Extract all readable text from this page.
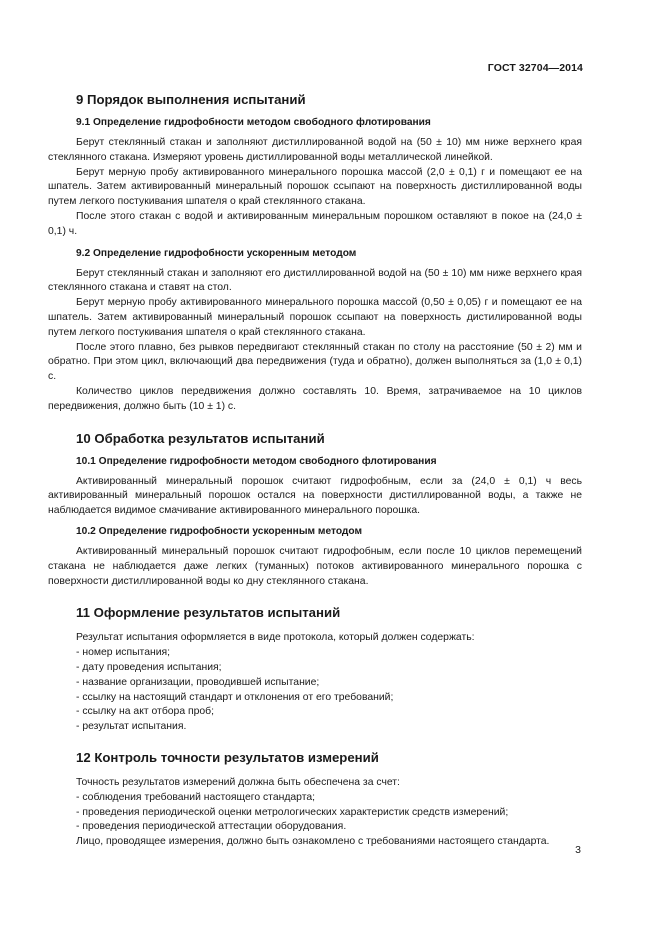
ГОСТ 32704—2014
9 Порядок выполнения испытаний
9.1 Определение гидрофобности методом свободного флотирования

Берут стеклянный стакан и заполняют дистиллированной водой на (50 ± 10) мм ниже верхнего края стеклянного стакана. Измеряют уровень дистиллированной воды металлической линейкой.

Берут мерную пробу активированного минерального порошка массой (2,0 ± 0,1) г и помещают ее на шпатель. Затем активированный минеральный порошок ссыпают на поверхность дистиллированной воды путем легкого постукивания шпателя о край стеклянного стакана.

После этого стакан с водой и активированным минеральным порошком оставляют в покое на (24,0 ± 0,1) ч.

9.2 Определение гидрофобности ускоренным методом

Берут стеклянный стакан и заполняют его дистиллированной водой на (50 ± 10) мм ниже верхнего края стеклянного стакана и ставят на стол.

Берут мерную пробу активированного минерального порошка массой (0,50 ± 0,05) г и помещают ее на шпатель. Затем активированный минеральный порошок ссыпают на поверхность дистилированной воды путем легкого постукивания шпателя о край стеклянного стакана.

После этого плавно, без рывков передвигают стеклянный стакан по столу на расстояние (50 ± 2) мм и обратно. При этом цикл, включающий два передвижения (туда и обратно), должен выполняться за (1,0 ± 0,1) с.

Количество циклов передвижения должно составлять 10. Время, затрачиваемое на 10 циклов передвижения, должно быть (10 ± 1) с.

10 Обработка результатов испытаний
10.1 Определение гидрофобности методом свободного флотирования

Активированный минеральный порошок считают гидрофобным, если за (24,0 ± 0,1) ч весь активированный минеральный порошок остался на поверхности дистиллированной воды, а также не наблюдается видимое смачивание активированного минерального порошка.

10.2 Определение гидрофобности ускоренным методом

Активированный минеральный порошок считают гидрофобным, если после 10 циклов перемещений стакана не наблюдается даже легких (туманных) потоков активированного минерального порошка с поверхности дистиллированной воды ко дну стеклянного стакана.

11 Оформление результатов испытаний

Результат испытания оформляется в виде протокола, который должен содержать:

- номер испытания;
- дату проведения испытания;
- название организации, проводившей испытание;
- ссылку на настоящий стандарт и отклонения от его требований;
- ссылку на акт отбора проб;
- результат испытания.
12 Контроль точности результатов измерений

Точность результатов измерений должна быть обеспечена за счет:

- соблюдения требований настоящего стандарта;
- проведения периодической оценки метрологических характеристик средств измерений;
- проведения периодической аттестации оборудования.

Лицо, проводящее измерения, должно быть ознакомлено с требованиями настоящего стандарта.

3
